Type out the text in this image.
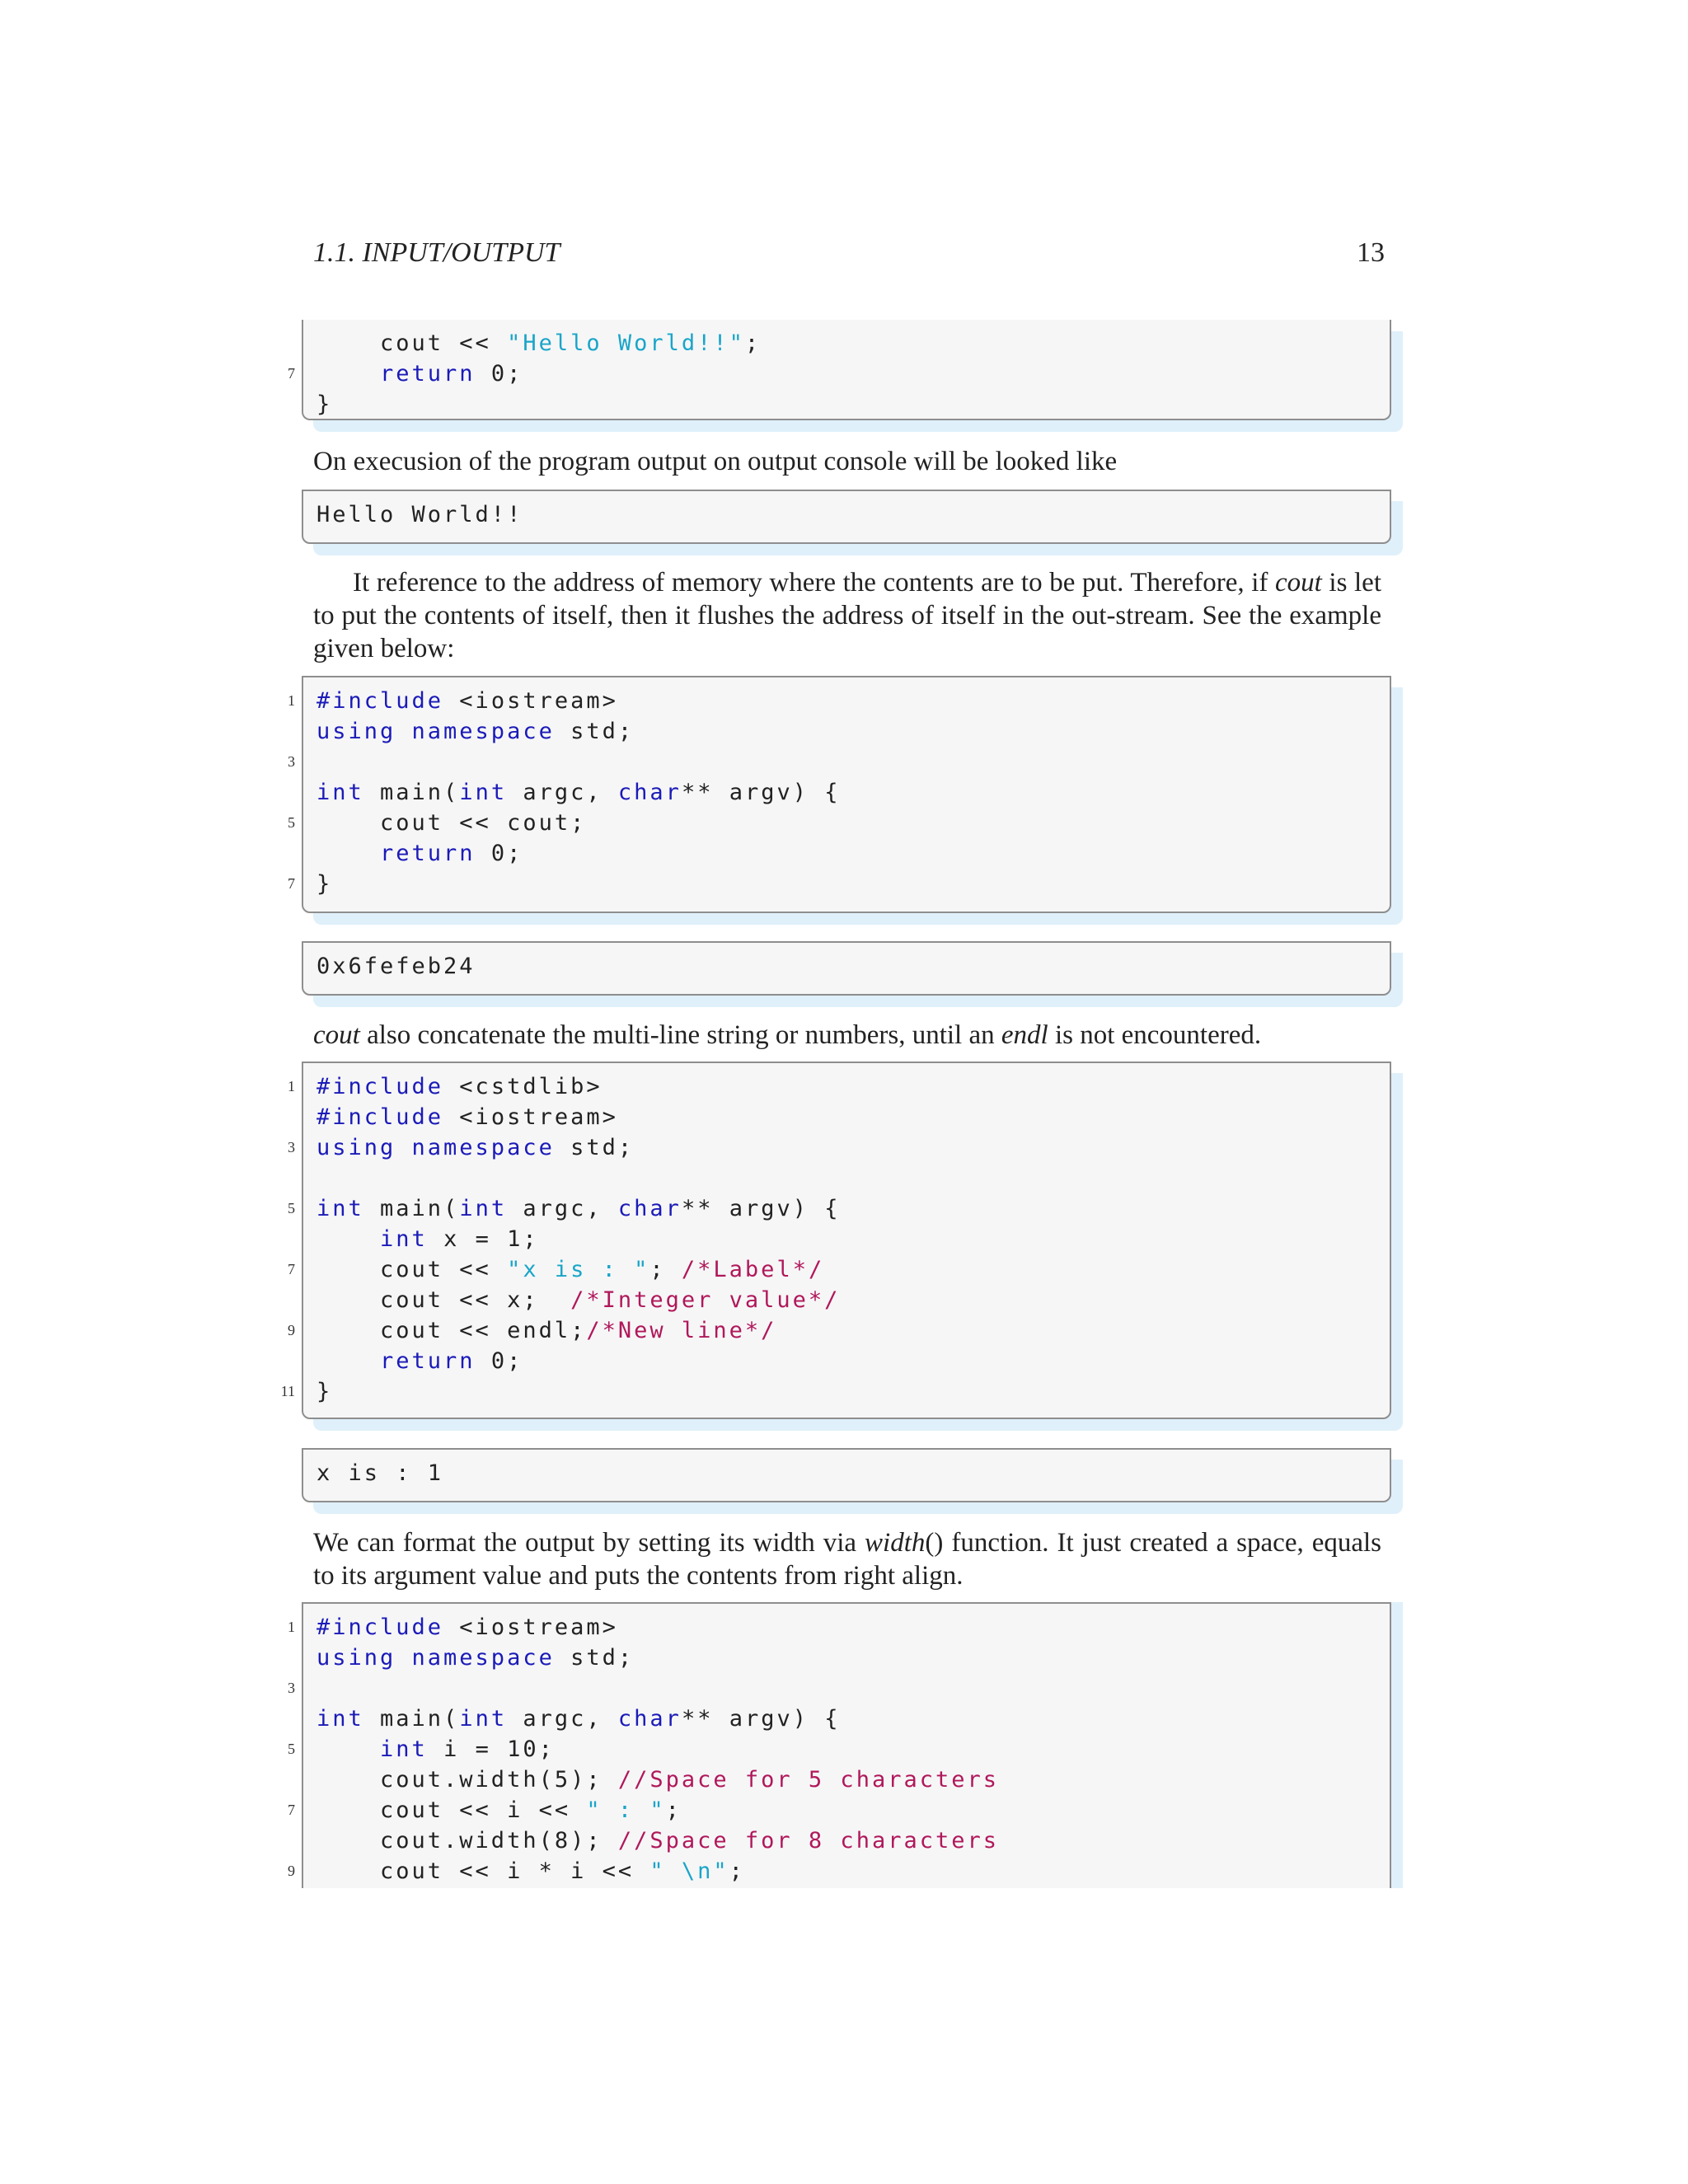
1.1. INPUT/OUTPUT	13
cout << "Hello World!!";
7	return 0;
}

On execusion of the program output on output console will be looked like

Hello World!!

It reference to the address of memory where the contents are to be put. Therefore, if cout is let to put the contents of itself, then it flushes the address of itself in the out-stream. See the example given below:

1 #include <iostream>
using namespace std;
3
int main(int argc, char** argv) {
5 cout << cout;
return 0;
7 }
0x6fefeb24

cout also concatenate the multi-line string or numbers, until an endl is not encountered.

1 #include <cstdlib>
#include <iostream>
3 using namespace std;
5 int main(int argc, char** argv) {
int x = 1;
7 cout << "x is : "; /*Label*/
cout << x;  /*Integer value*/
9 cout << endl;/*New line*/
return 0;
11 }
x is : 1

We can format the output by setting its width via width() function. It just created a space, equals to its argument value and puts the contents from right align.

1 #include <iostream>
using namespace std;
3
int main(int argc, char** argv) {
5	int i = 10;
cout.width(5); //Space for 5 characters
7 cout << i << " : ";
cout.width(8); //Space for 8 characters
9 cout << i * i << " \n";
